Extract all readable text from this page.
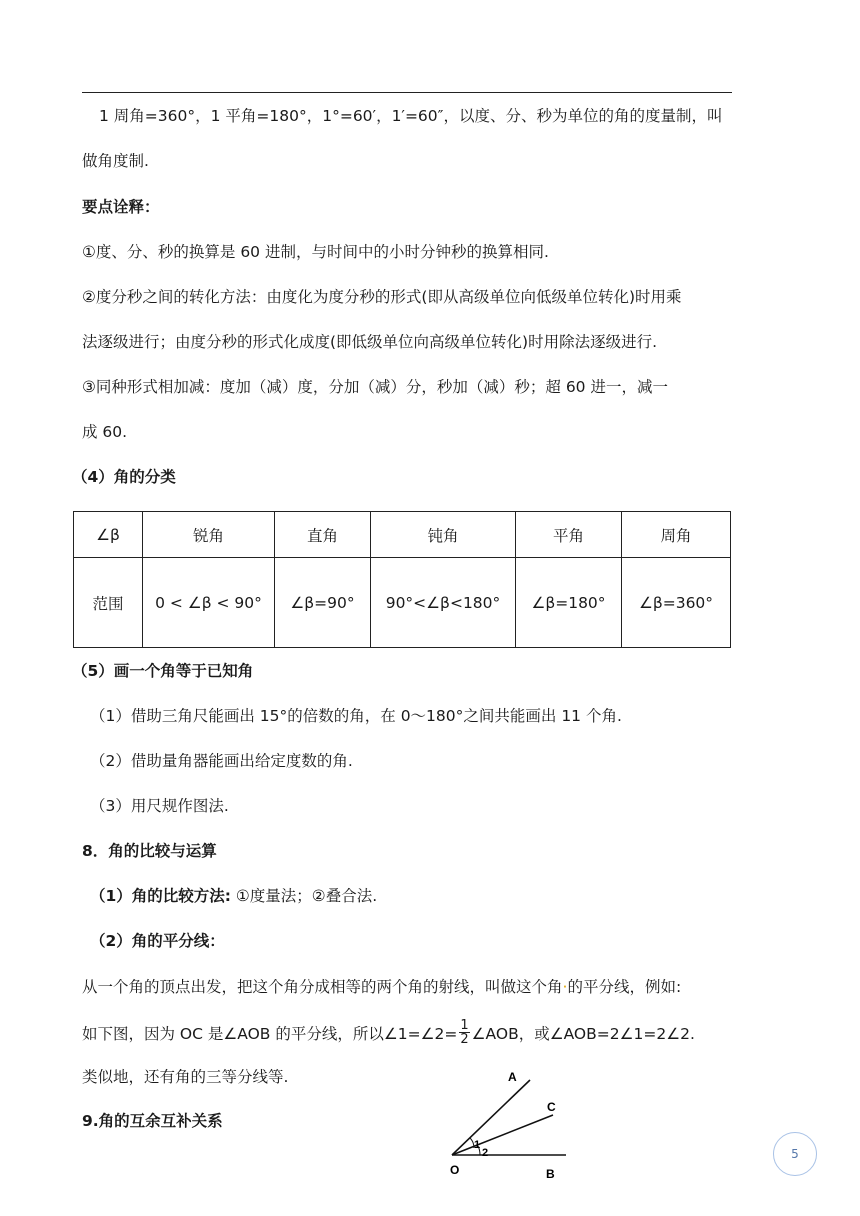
1 周角=360°，1 平角=180°，1°=60′，1′=60″，以度、分、秒为单位的角的度量制，叫
做角度制.
要点诠释：
①度、分、秒的换算是 60 进制，与时间中的小时分钟秒的换算相同.
②度分秒之间的转化方法：由度化为度分秒的形式(即从高级单位向低级单位转化)时用乘
法逐级进行；由度分秒的形式化成度(即低级单位向高级单位转化)时用除法逐级进行.
③同种形式相加减：度加（减）度，分加（减）分，秒加（减）秒；超 60 进一，减一
成 60.
（4）角的分类
∠β	锐角	直角	钝角	平角	周角
范围	0 < ∠β < 90°	∠β=90°	90°<∠β<180°	∠β=180°	∠β=360°
（5）画一个角等于已知角
（1）借助三角尺能画出 15°的倍数的角，在 0～180°之间共能画出 11 个角.
（2）借助量角器能画出给定度数的角.
（3）用尺规作图法.
8．角的比较与运算
（1）角的比较方法: ①度量法；②叠合法.
（2）角的平分线：
从一个角的顶点出发，把这个角分成相等的两个角的射线，叫做这个角·的平分线，例如:
如下图，因为 OC 是∠AOB 的平分线，所以∠1=∠2= $\frac{1}{2}$ ∠AOB，或∠AOB=2∠1=2∠2.
类似地，还有角的三等分线等.
9.角的互余互补关系
A
C
O	B
1
2	5
